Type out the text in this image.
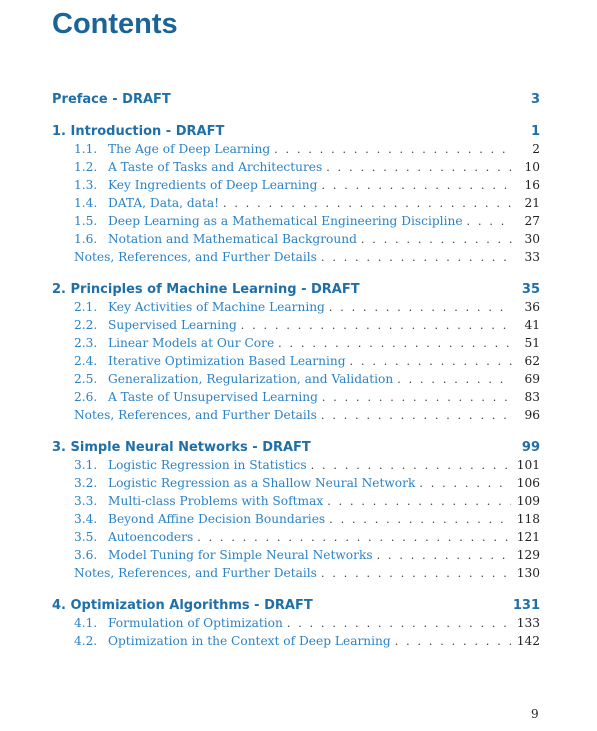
Contents
Preface - DRAFT	3
1. Introduction - DRAFT	1
1.1. The Age of Deep Learning . . .	2
1.2. A Taste of Tasks and Architectures . . .	10
1.3. Key Ingredients of Deep Learning . . .	16
1.4. DATA, Data, data! . . .	21
1.5. Deep Learning as a Mathematical Engineering Discipline . . .	27
1.6. Notation and Mathematical Background . . .	30
Notes, References, and Further Details . . .	33
2. Principles of Machine Learning - DRAFT	35
2.1. Key Activities of Machine Learning . . .	36
2.2. Supervised Learning . . .	41
2.3. Linear Models at Our Core . . .	51
2.4. Iterative Optimization Based Learning . . .	62
2.5. Generalization, Regularization, and Validation . . .	69
2.6. A Taste of Unsupervised Learning . . .	83
Notes, References, and Further Details . . .	96
3. Simple Neural Networks - DRAFT	99
3.1. Logistic Regression in Statistics . . .	101
3.2. Logistic Regression as a Shallow Neural Network . . .	106
3.3. Multi-class Problems with Softmax . . .	109
3.4. Beyond Affine Decision Boundaries . . .	118
3.5. Autoencoders . . .	121
3.6. Model Tuning for Simple Neural Networks . . .	129
Notes, References, and Further Details . . .	130
4. Optimization Algorithms - DRAFT	131
4.1. Formulation of Optimization . . .	133
4.2. Optimization in the Context of Deep Learning . . .	142
9
